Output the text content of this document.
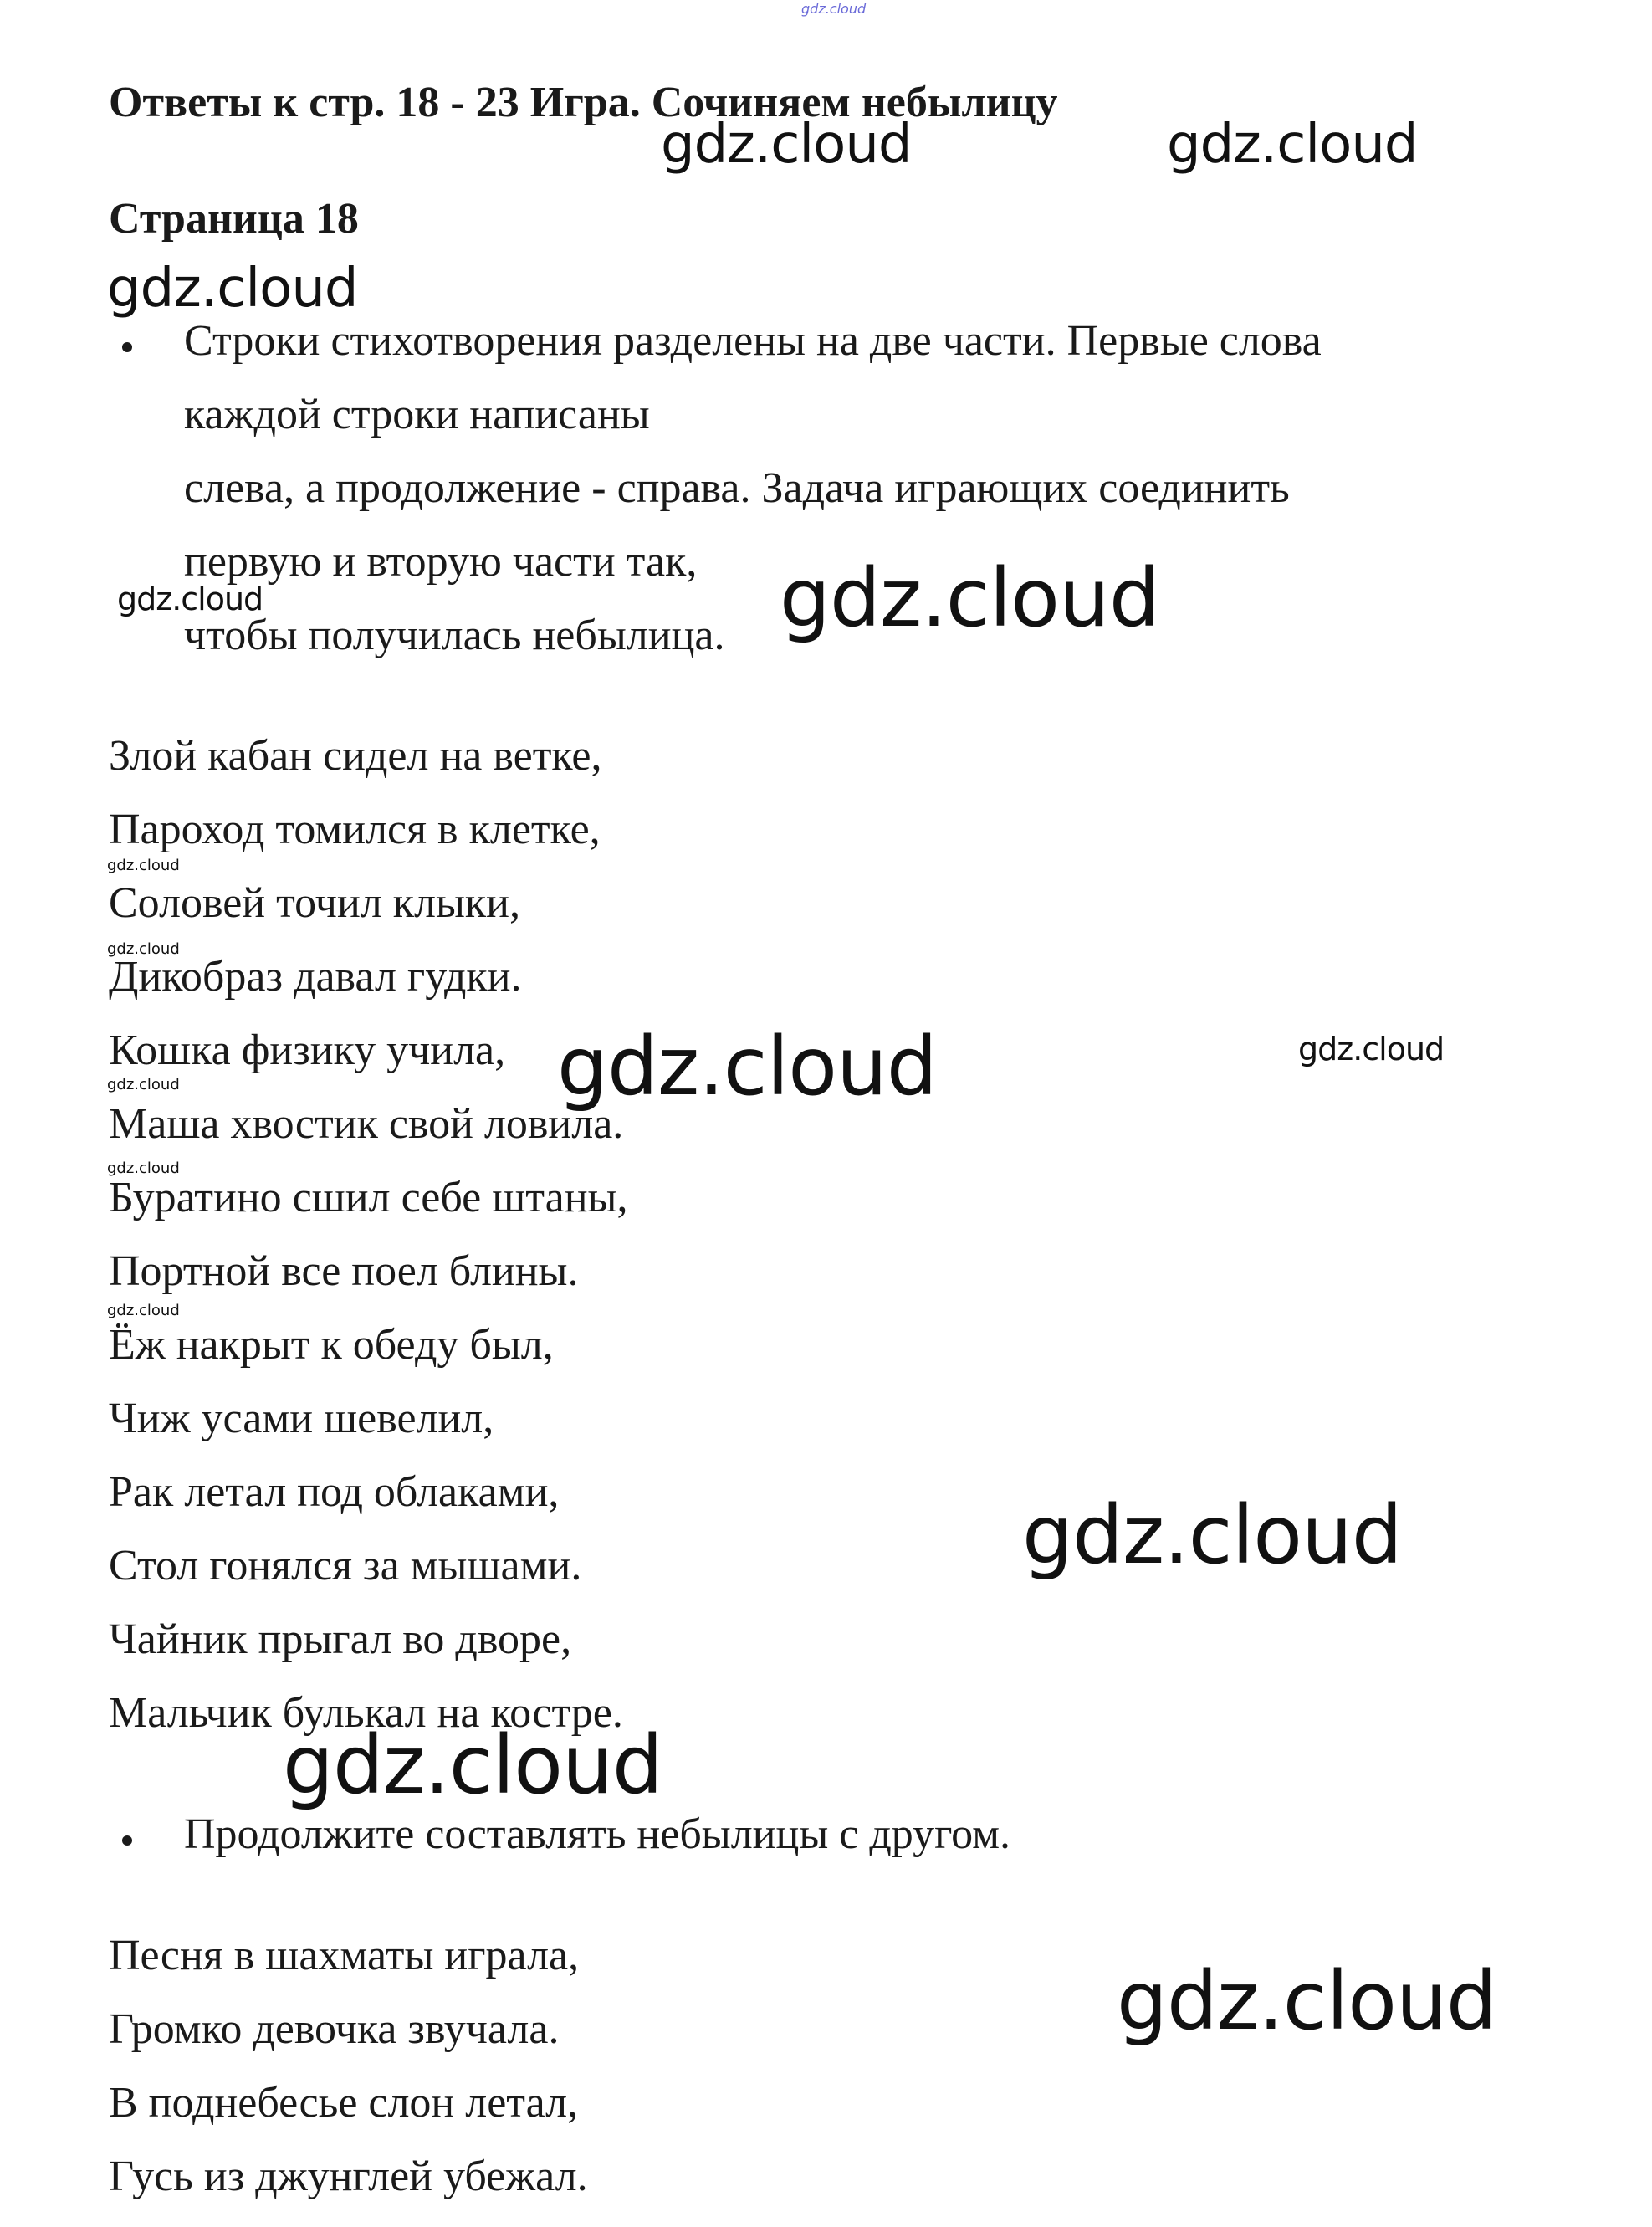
gdz.cloud
Ответы к стр. 18 - 23 Игра. Сочиняем небылицу
Страница 18
Строки стихотворения разделены на две части. Первые слова
каждой строки написаны
слева, а продолжение - справа. Задача играющих соединить
первую и вторую части так,
чтобы получилась небылица.
Злой кабан сидел на ветке,
Пароход томился в клетке,
Соловей точил клыки,
Дикобраз давал гудки.
Кошка физику учила,
Маша хвостик свой ловила.
Буратино сшил себе штаны,
Портной все поел блины.
Ёж накрыт к обеду был,
Чиж усами шевелил,
Рак летал под облаками,
Стол гонялся за мышами.
Чайник прыгал во дворе,
Мальчик булькал на костре.
Продолжите составлять небылицы с другом.
Песня в шахматы играла,
Громко девочка звучала.
В поднебесье слон летал,
Гусь из джунглей убежал.
gdz.cloud	gdz.cloud
gdz.cloud
gdz.cloud	gdz.cloud
gdz.cloud
gdz.cloud
gdz.cloud	gdz.cloud
gdz.cloud
gdz.cloud
gdz.cloud
gdz.cloud
gdz.cloud
gdz.cloud
